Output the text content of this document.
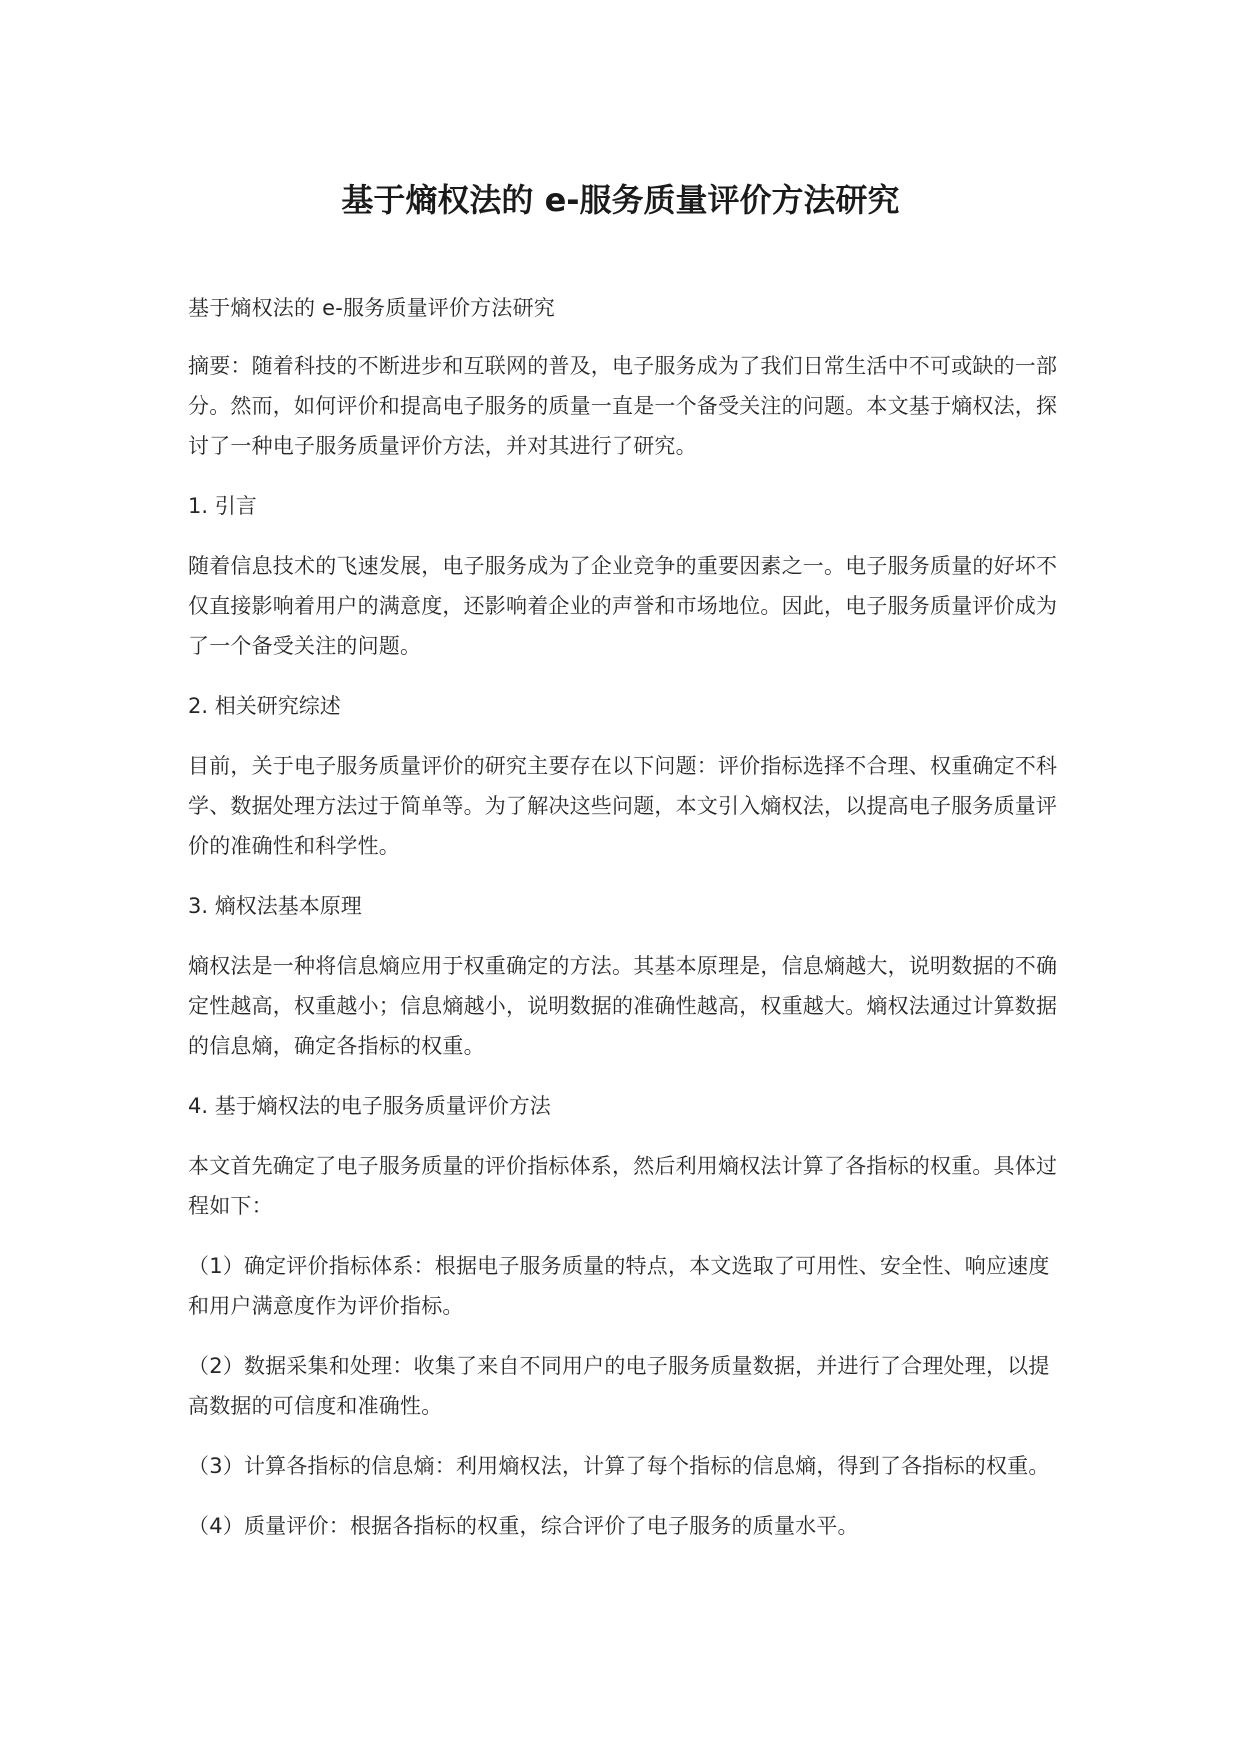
基于熵权法的 e-服务质量评价方法研究

基于熵权法的 e-服务质量评价方法研究

摘要：随着科技的不断进步和互联网的普及，电子服务成为了我们日常生活中不可或缺的一部分。然而，如何评价和提高电子服务的质量一直是一个备受关注的问题。本文基于熵权法，探讨了一种电子服务质量评价方法，并对其进行了研究。

1. 引言

随着信息技术的飞速发展，电子服务成为了企业竞争的重要因素之一。电子服务质量的好坏不仅直接影响着用户的满意度，还影响着企业的声誉和市场地位。因此，电子服务质量评价成为了一个备受关注的问题。

2. 相关研究综述

目前，关于电子服务质量评价的研究主要存在以下问题：评价指标选择不合理、权重确定不科学、数据处理方法过于简单等。为了解决这些问题，本文引入熵权法，以提高电子服务质量评价的准确性和科学性。

3. 熵权法基本原理

熵权法是一种将信息熵应用于权重确定的方法。其基本原理是，信息熵越大，说明数据的不确定性越高，权重越小；信息熵越小，说明数据的准确性越高，权重越大。熵权法通过计算数据的信息熵，确定各指标的权重。

4. 基于熵权法的电子服务质量评价方法

本文首先确定了电子服务质量的评价指标体系，然后利用熵权法计算了各指标的权重。具体过程如下：

（1）确定评价指标体系：根据电子服务质量的特点，本文选取了可用性、安全性、响应速度和用户满意度作为评价指标。

（2）数据采集和处理：收集了来自不同用户的电子服务质量数据，并进行了合理处理，以提高数据的可信度和准确性。

（3）计算各指标的信息熵：利用熵权法，计算了每个指标的信息熵，得到了各指标的权重。

（4）质量评价：根据各指标的权重，综合评价了电子服务的质量水平。
